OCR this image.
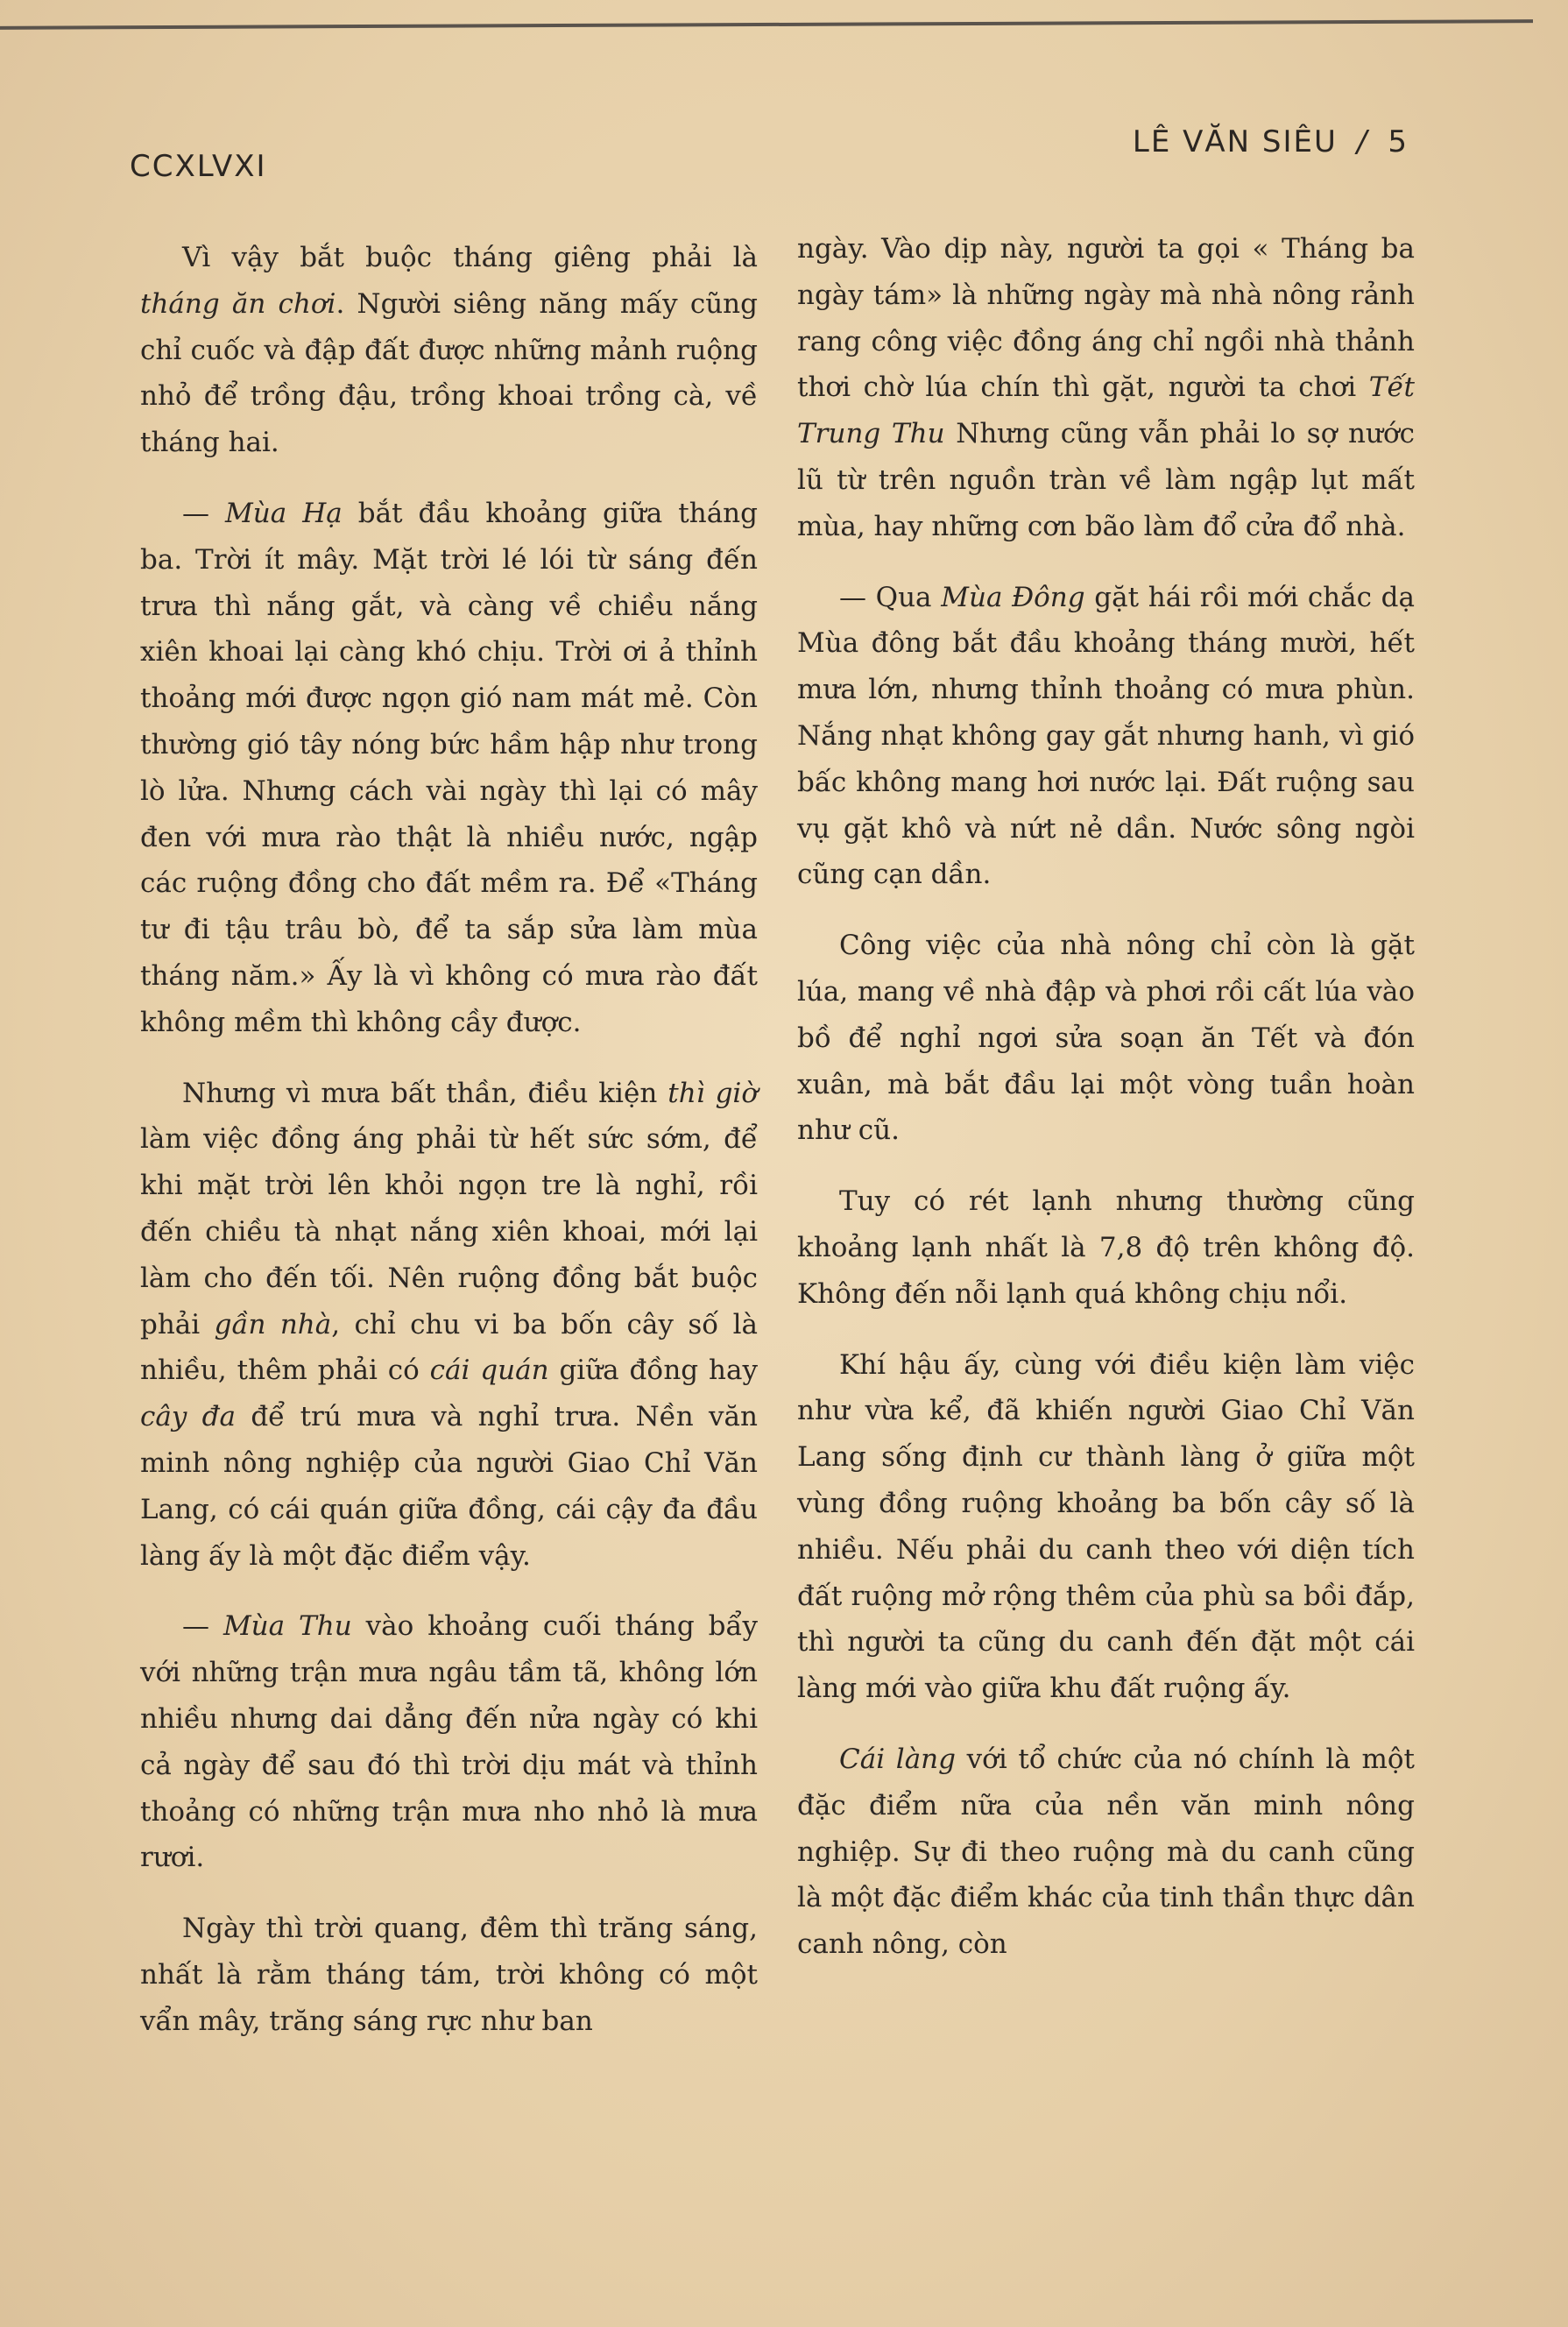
CCXLVXI
LÊ VĂN SIÊU / 5

Vì vậy bắt buộc tháng giêng phải là tháng ăn chơi. Người siêng năng mấy cũng chỉ cuốc và đập đất được những mảnh ruộng nhỏ để trồng đậu, trồng khoai trồng cà, về tháng hai.

— Mùa Hạ bắt đầu khoảng giữa tháng ba. Trời ít mây. Mặt trời lé lói từ sáng đến trưa thì nắng gắt, và càng về chiều nắng xiên khoai lại càng khó chịu. Trời ơi ả thỉnh thoảng mới được ngọn gió nam mát mẻ. Còn thường gió tây nóng bức hầm hập như trong lò lửa. Nhưng cách vài ngày thì lại có mây đen với mưa rào thật là nhiều nước, ngập các ruộng đồng cho đất mềm ra. Để «Tháng tư đi tậu trâu bò, để ta sắp sửa làm mùa tháng năm.» Ấy là vì không có mưa rào đất không mềm thì không cầy được.

Nhưng vì mưa bất thần, điều kiện thì giờ làm việc đồng áng phải từ hết sức sớm, để khi mặt trời lên khỏi ngọn tre là nghỉ, rồi đến chiều tà nhạt nắng xiên khoai, mới lại làm cho đến tối. Nên ruộng đồng bắt buộc phải gần nhà, chỉ chu vi ba bốn cây số là nhiều, thêm phải có cái quán giữa đồng hay cây đa để trú mưa và nghỉ trưa. Nền văn minh nông nghiệp của người Giao Chỉ Văn Lang, có cái quán giữa đồng, cái cậy đa đầu làng ấy là một đặc điểm vậy.

— Mùa Thu vào khoảng cuối tháng bẩy với những trận mưa ngâu tầm tã, không lớn nhiều nhưng dai dẳng đến nửa ngày có khi cả ngày để sau đó thì trời dịu mát và thỉnh thoảng có những trận mưa nho nhỏ là mưa rươi.

Ngày thì trời quang, đêm thì trăng sáng, nhất là rằm tháng tám, trời không có một vẩn mây, trăng sáng rực như ban

ngày. Vào dịp này, người ta gọi « Tháng ba ngày tám» là những ngày mà nhà nông rảnh rang công việc đồng áng chỉ ngồi nhà thảnh thơi chờ lúa chín thì gặt, người ta chơi Tết Trung Thu Nhưng cũng vẫn phải lo sợ nước lũ từ trên nguồn tràn về làm ngập lụt mất mùa, hay những cơn bão làm đổ cửa đổ nhà.

— Qua Mùa Đông gặt hái rồi mới chắc dạ Mùa đông bắt đầu khoảng tháng mười, hết mưa lớn, nhưng thỉnh thoảng có mưa phùn. Nắng nhạt không gay gắt nhưng hanh, vì gió bấc không mang hơi nước lại. Đất ruộng sau vụ gặt khô và nứt nẻ dần. Nước sông ngòi cũng cạn dần.

Công việc của nhà nông chỉ còn là gặt lúa, mang về nhà đập và phơi rồi cất lúa vào bồ để nghỉ ngơi sửa soạn ăn Tết và đón xuân, mà bắt đầu lại một vòng tuần hoàn như cũ.

Tuy có rét lạnh nhưng thường cũng khoảng lạnh nhất là 7,8 độ trên không độ. Không đến nỗi lạnh quá không chịu nổi.

Khí hậu ấy, cùng với điều kiện làm việc như vừa kể, đã khiến người Giao Chỉ Văn Lang sống định cư thành làng ở giữa một vùng đồng ruộng khoảng ba bốn cây số là nhiều. Nếu phải du canh theo với diện tích đất ruộng mở rộng thêm của phù sa bồi đắp, thì người ta cũng du canh đến đặt một cái làng mới vào giữa khu đất ruộng ấy.

Cái làng với tổ chức của nó chính là một đặc điểm nữa của nền văn minh nông nghiệp. Sự đi theo ruộng mà du canh cũng là một đặc điểm khác của tinh thần thực dân canh nông, còn
